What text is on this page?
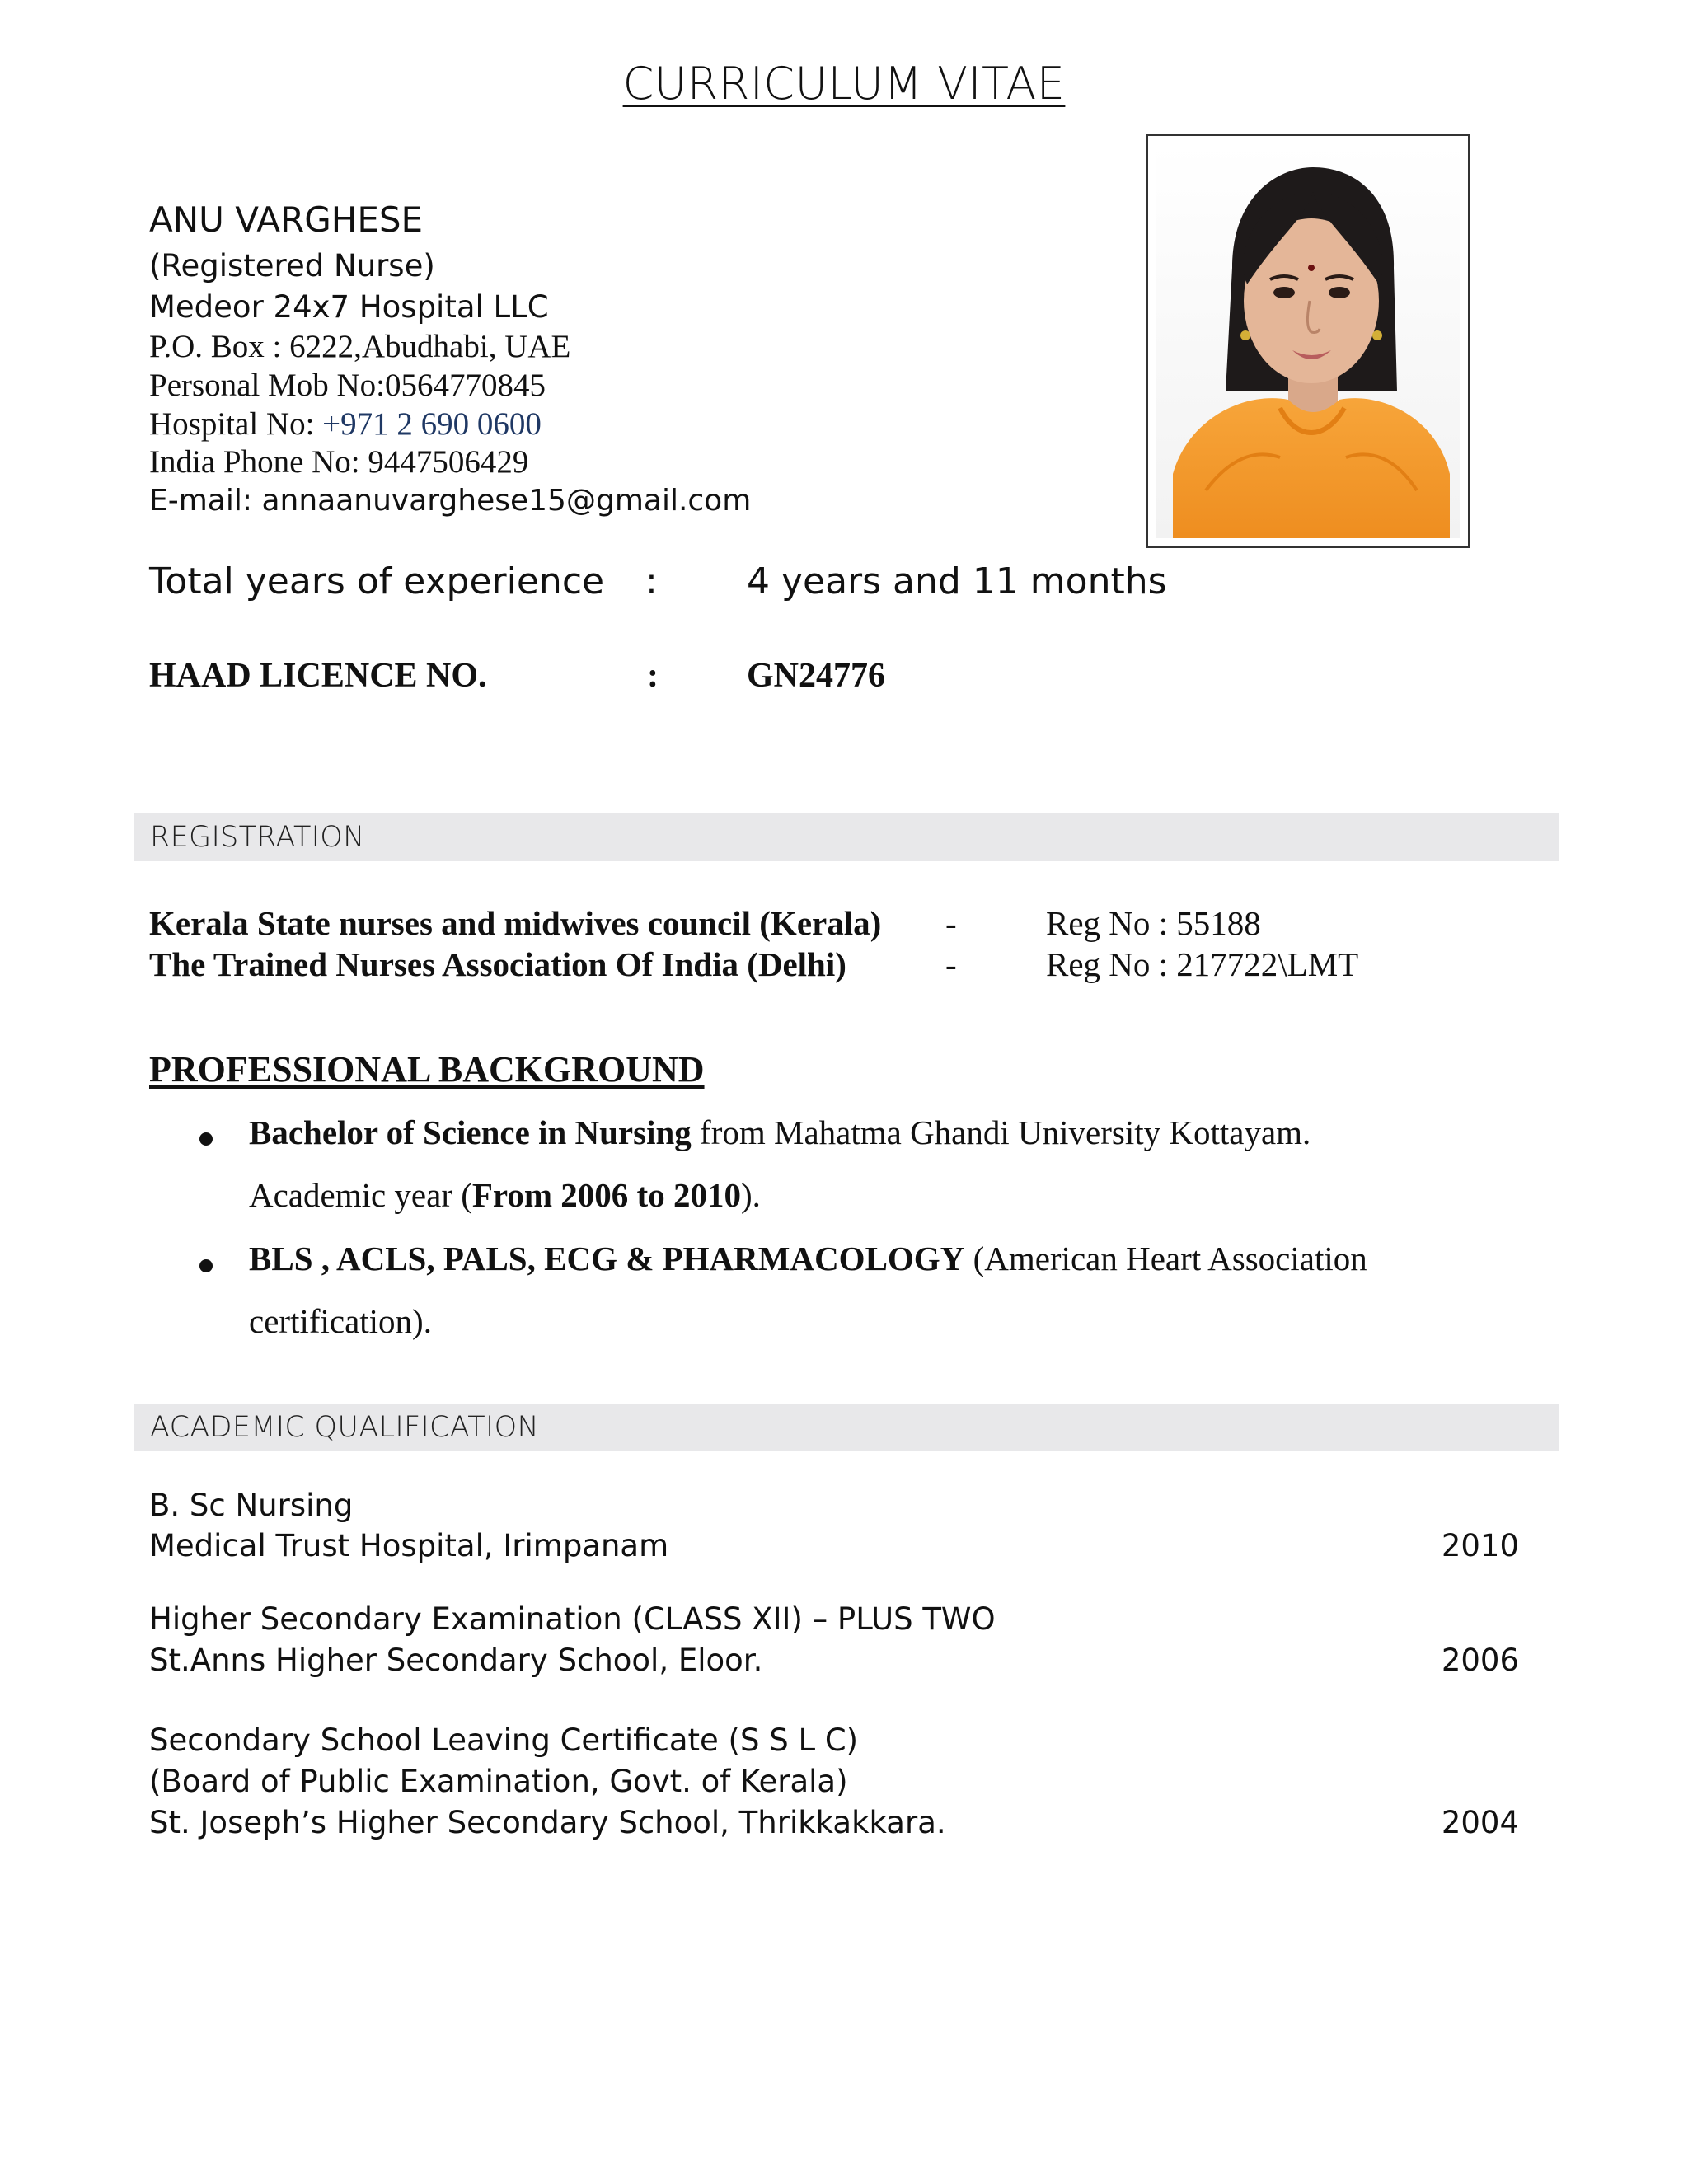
CURRICULUM VITAE
ANU VARGHESE
(Registered Nurse)
Medeor 24x7 Hospital LLC
P.O. Box : 6222,Abudhabi, UAE
Personal Mob No:0564770845
Hospital No: +971 2 690 0600
India Phone No: 9447506429
E-mail: annaanuvarghese15@gmail.com
Total years of experience : 4 years and 11 months
HAAD LICENCE NO.	:	GN24776
REGISTRATION
Kerala State nurses and midwives council (Kerala) -	Reg No : 55188
The Trained Nurses Association Of India (Delhi)	-	Reg No : 217722\LMT
PROFESSIONAL BACKGROUND
Bachelor of Science in Nursing from Mahatma Ghandi University Kottayam.
Academic year (From 2006 to 2010).
BLS , ACLS, PALS, ECG & PHARMACOLOGY (American Heart Association
certification).
ACADEMIC QUALIFICATION
B. Sc Nursing
Medical Trust Hospital, Irimpanam	2010
Higher Secondary Examination (CLASS XII) – PLUS TWO
St.Anns Higher Secondary School, Eloor.	2006
Secondary School Leaving Certificate (S S L C)
(Board of Public Examination, Govt. of Kerala)
St. Joseph’s Higher Secondary School, Thrikkakkara.	2004
